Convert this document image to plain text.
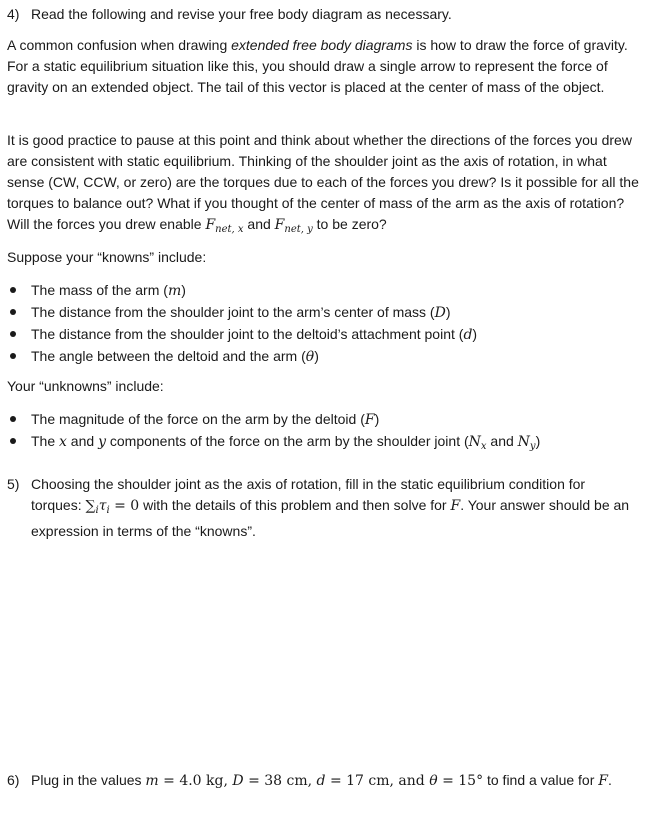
4) Read the following and revise your free body diagram as necessary.

A common confusion when drawing extended free body diagrams is how to draw the force of gravity. For a static equilibrium situation like this, you should draw a single arrow to represent the force of gravity on an extended object. The tail of this vector is placed at the center of mass of the object.

It is good practice to pause at this point and think about whether the directions of the forces you drew are consistent with static equilibrium. Thinking of the shoulder joint as the axis of rotation, in what sense (CW, CCW, or zero) are the torques due to each of the forces you drew? Is it possible for all the torques to balance out? What if you thought of the center of mass of the arm as the axis of rotation? Will the forces you drew enable $F_{net, x}$ and $F_{net, y}$ to be zero?

Suppose your “knowns” include:

The mass of the arm (m)
The distance from the shoulder joint to the arm’s center of mass (D)
The distance from the shoulder joint to the deltoid’s attachment point (d)
The angle between the deltoid and the arm (θ)

Your “unknowns” include:

The magnitude of the force on the arm by the deltoid (F)
The x and y components of the force on the arm by the shoulder joint ($N_x$ and $N_y$)
5) Choosing the shoulder joint as the axis of rotation, fill in the static equilibrium condition for torques: $\sum_i\tau_i = 0$ with the details of this problem and then solve for F. Your answer should be an expression in terms of the “knowns”.
6) Plug in the values m = 4.0 kg, D = 38 cm, d = 17 cm, and θ = 15° to find a value for F.
